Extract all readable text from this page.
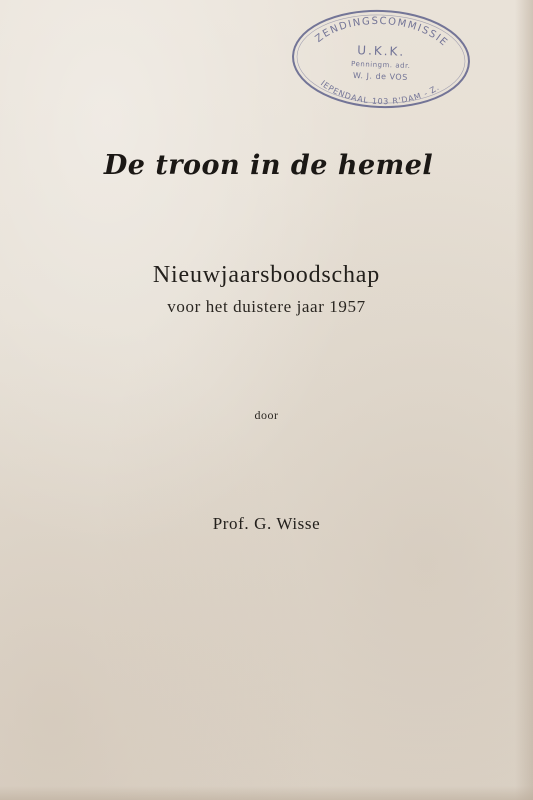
ZENDINGSCOMMISSIE
IEPENDAAL 103 R'DAM - Z.
U.K.K.
Penningm. adr.
W. J. de VOS
De troon in de hemel
Nieuwjaarsboodschap
voor het duistere jaar 1957
door
Prof. G. Wisse
